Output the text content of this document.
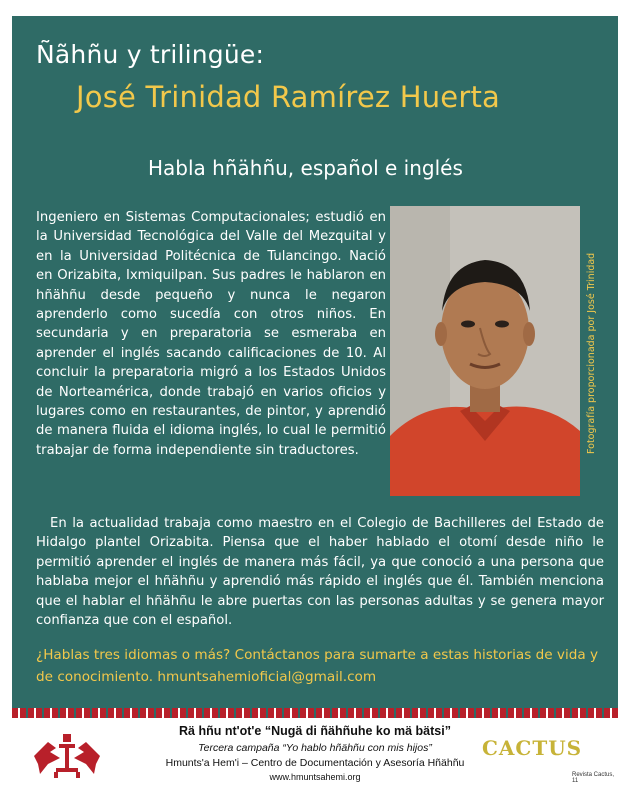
Ñãhñu y trilingüe:
José Trinidad Ramírez Huerta
Habla hñähñu, español e inglés

Ingeniero en Sistemas Computacionales; estudió en la Universidad Tecnológica del Valle del Mezquital y en la Universidad Politécnica de Tulancingo. Nació en Orizabita, Ixmiquilpan. Sus padres le hablaron en hñähñu desde pequeño y nunca le negaron aprenderlo como sucedía con otros niños. En secundaria y en preparatoria se esmeraba en aprender el inglés sacando calificaciones de 10. Al concluir la preparatoria migró a los Estados Unidos de Norteamérica, donde trabajó en varios oficios y lugares como en restaurantes, de pintor, y aprendió de manera fluida el idioma inglés, lo cual le permitió trabajar de forma independiente sin traductores.	Fotografía proporcionada por José Trinidad

En la actualidad trabaja como maestro en el Colegio de Bachilleres del Estado de Hidalgo plantel Orizabita. Piensa que el haber hablado el otomí desde niño le permitió aprender el inglés de manera más fácil, ya que conoció a una persona que hablaba mejor el hñähñu y aprendió más rápido el inglés que él. También menciona que el hablar el hñähñu le abre puertas con las personas adultas y se genera mayor confianza que con el español.

¿Hablas tres idiomas o más? Contáctanos para sumarte a estas historias de vida y de conocimiento. hmuntsahemioficial@gmail.com

Rä hñu nt'ot'e “Nugä di ñähñuhe ko mä bätsi”
Tercera campaña “Yo hablo hñähñu con mis hijos”
Hmunts'a Hem'i – Centro de Documentación y Asesoría Hñähñu
www.hmuntsahemi.org
CACTUS
Revista Cactus, 11
